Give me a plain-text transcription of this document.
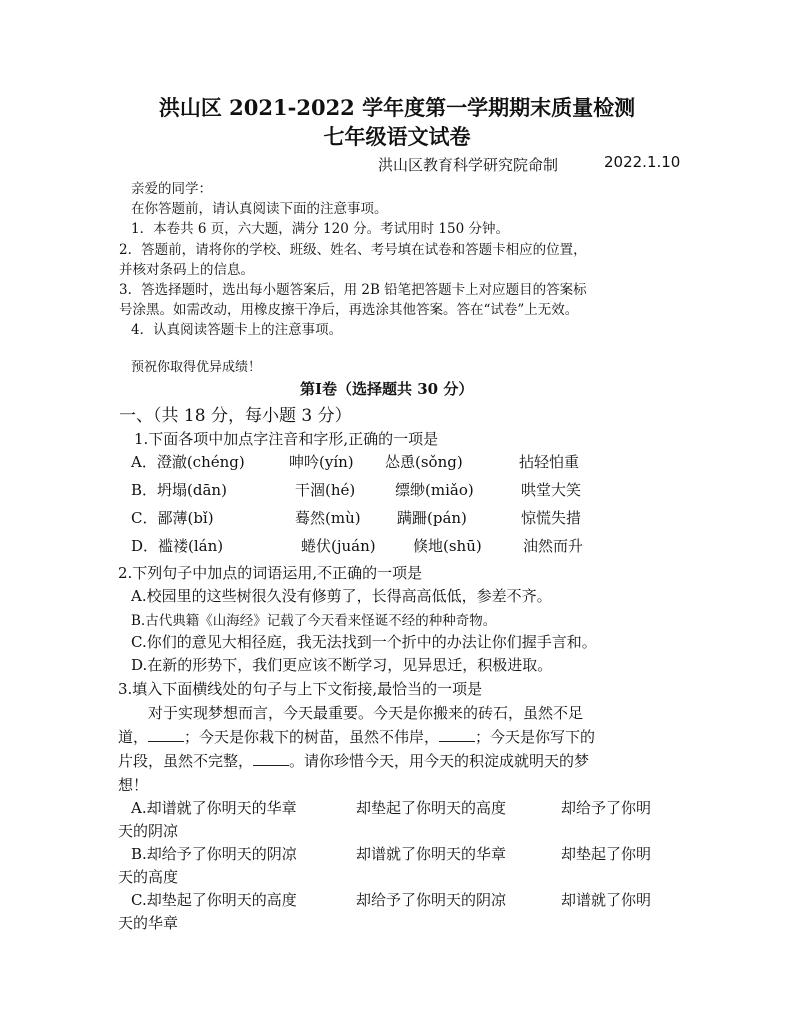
洪山区 2021-2022 学年度第一学期期末质量检测
七年级语文试卷
洪山区教育科学研究院命制	2022.1.10
亲爱的同学：
在你答题前，请认真阅读下面的注意事项。
1．本卷共 6 页，六大题，满分 120 分。考试用时 150 分钟。
2．答题前，请将你的学校、班级、姓名、考号填在试卷和答题卡相应的位置，
并核对条码上的信息。
3．答选择题时，选出每小题答案后，用 2B 铅笔把答题卡上对应题目的答案标
号涂黑。如需改动，用橡皮擦干净后，再选涂其他答案。答在“试卷”上无效。
4．认真阅读答题卡上的注意事项。
预祝你取得优异成绩！
第Ⅰ卷（选择题共 30 分）
一、（共 18 分，每小题 3 分）
1.下面各项中加点字注音和字形,正确的一项是
A．澄澈(chéng)	呻吟(yín) 怂恿(sǒng)	拈轻怕重
B．坍塌(dān)	干涸(hé)	缥缈(miǎo)	哄堂大笑
C．鄙薄(bǐ)	蓦然(mù) 蹒跚(pán)	惊慌失措
D．褴褛(lán)	蜷伏(juán) 倏地(shū)	油然而升
2.下列句子中加点的词语运用,不正确的一项是
A.校园里的这些树很久没有修剪了，长得高高低低，参差不齐。
B.古代典籍《山海经》记载了今天看来怪诞不经的种种奇物。
C.你们的意见大相径庭，我无法找到一个折中的办法让你们握手言和。
D.在新的形势下，我们更应该不断学习，见异思迁，积极进取。
3.填入下面横线处的句子与上下文衔接,最恰当的一项是
对于实现梦想而言，今天最重要。今天是你搬来的砖石，虽然不足
道， ；今天是你栽下的树苗，虽然不伟岸， ；今天是你写下的
片段，虽然不完整， 。请你珍惜今天，用今天的积淀成就明天的梦
想！
A.却谱就了你明天的华章	却垫起了你明天的高度	却给予了你明
天的阴凉
B.却给予了你明天的阴凉	却谱就了你明天的华章	却垫起了你明
天的高度
C.却垫起了你明天的高度	却给予了你明天的阴凉	却谱就了你明
天的华章
